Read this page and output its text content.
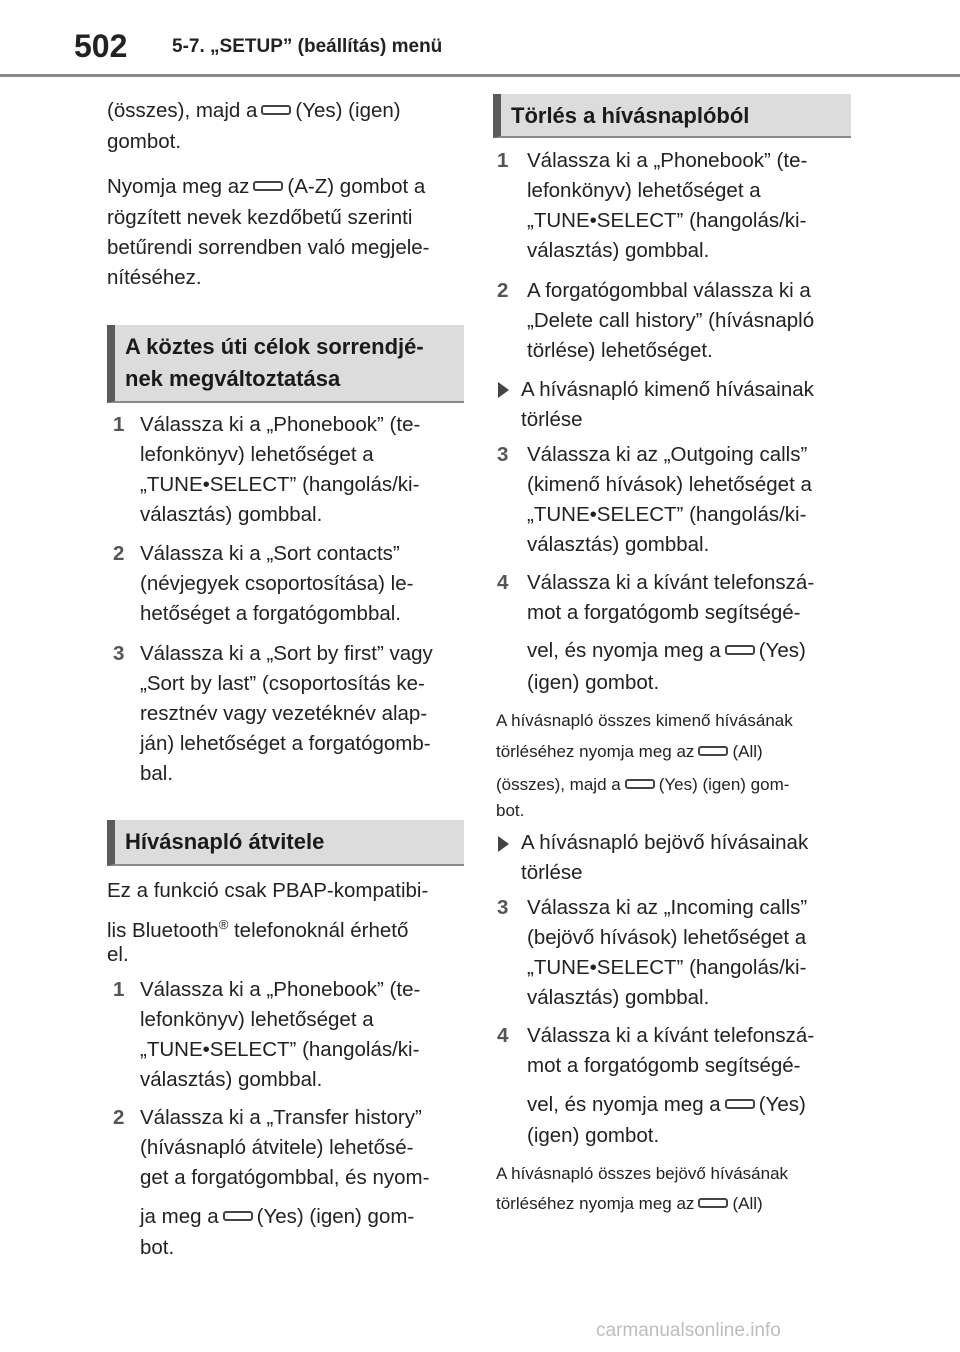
502 5-7. „SETUP” (beállítás) menü
(összes), majd a (Yes) (igen)
gombot.
Nyomja meg az (A-Z) gombot a
rögzített nevek kezdőbetű szerinti
betűrendi sorrendben való megjele-
nítéséhez.
A köztes úti célok sorrendjé-
nek megváltoztatása
1 Válassza ki a „Phonebook” (te-
lefonkönyv) lehetőséget a
„TUNE•SELECT” (hangolás/ki-
választás) gombbal.
2 Válassza ki a „Sort contacts”
(névjegyek csoportosítása) le-
hetőséget a forgatógombbal.
3 Válassza ki a „Sort by first” vagy
„Sort by last” (csoportosítás ke-
resztnév vagy vezetéknév alap-
ján) lehetőséget a forgatógomb-
bal.
Hívásnapló átvitele
Ez a funkció csak PBAP-kompatibi-
lis Bluetooth® telefonoknál érhető
el.
1 Válassza ki a „Phonebook” (te-
lefonkönyv) lehetőséget a
„TUNE•SELECT” (hangolás/ki-
választás) gombbal.
2 Válassza ki a „Transfer history”
(hívásnapló átvitele) lehetősé-
get a forgatógombbal, és nyom-
ja meg a (Yes) (igen) gom-
bot.
Törlés a hívásnaplóból
1 Válassza ki a „Phonebook” (te-
lefonkönyv) lehetőséget a
„TUNE•SELECT” (hangolás/ki-
választás) gombbal.
2 A forgatógombbal válassza ki a
„Delete call history” (hívásnapló
törlése) lehetőséget.
A hívásnapló kimenő hívásainak
törlése
3 Válassza ki az „Outgoing calls”
(kimenő hívások) lehetőséget a
„TUNE•SELECT” (hangolás/ki-
választás) gombbal.
4 Válassza ki a kívánt telefonszá-
mot a forgatógomb segítségé-
vel, és nyomja meg a (Yes)
(igen) gombot.
A hívásnapló összes kimenő hívásának
törléséhez nyomja meg az (All)
(összes), majd a (Yes) (igen) gom-
bot.
A hívásnapló bejövő hívásainak
törlése
3 Válassza ki az „Incoming calls”
(bejövő hívások) lehetőséget a
„TUNE•SELECT” (hangolás/ki-
választás) gombbal.
4 Válassza ki a kívánt telefonszá-
mot a forgatógomb segítségé-
vel, és nyomja meg a (Yes)
(igen) gombot.
A hívásnapló összes bejövő hívásának
törléséhez nyomja meg az (All)
carmanualsonline.info
